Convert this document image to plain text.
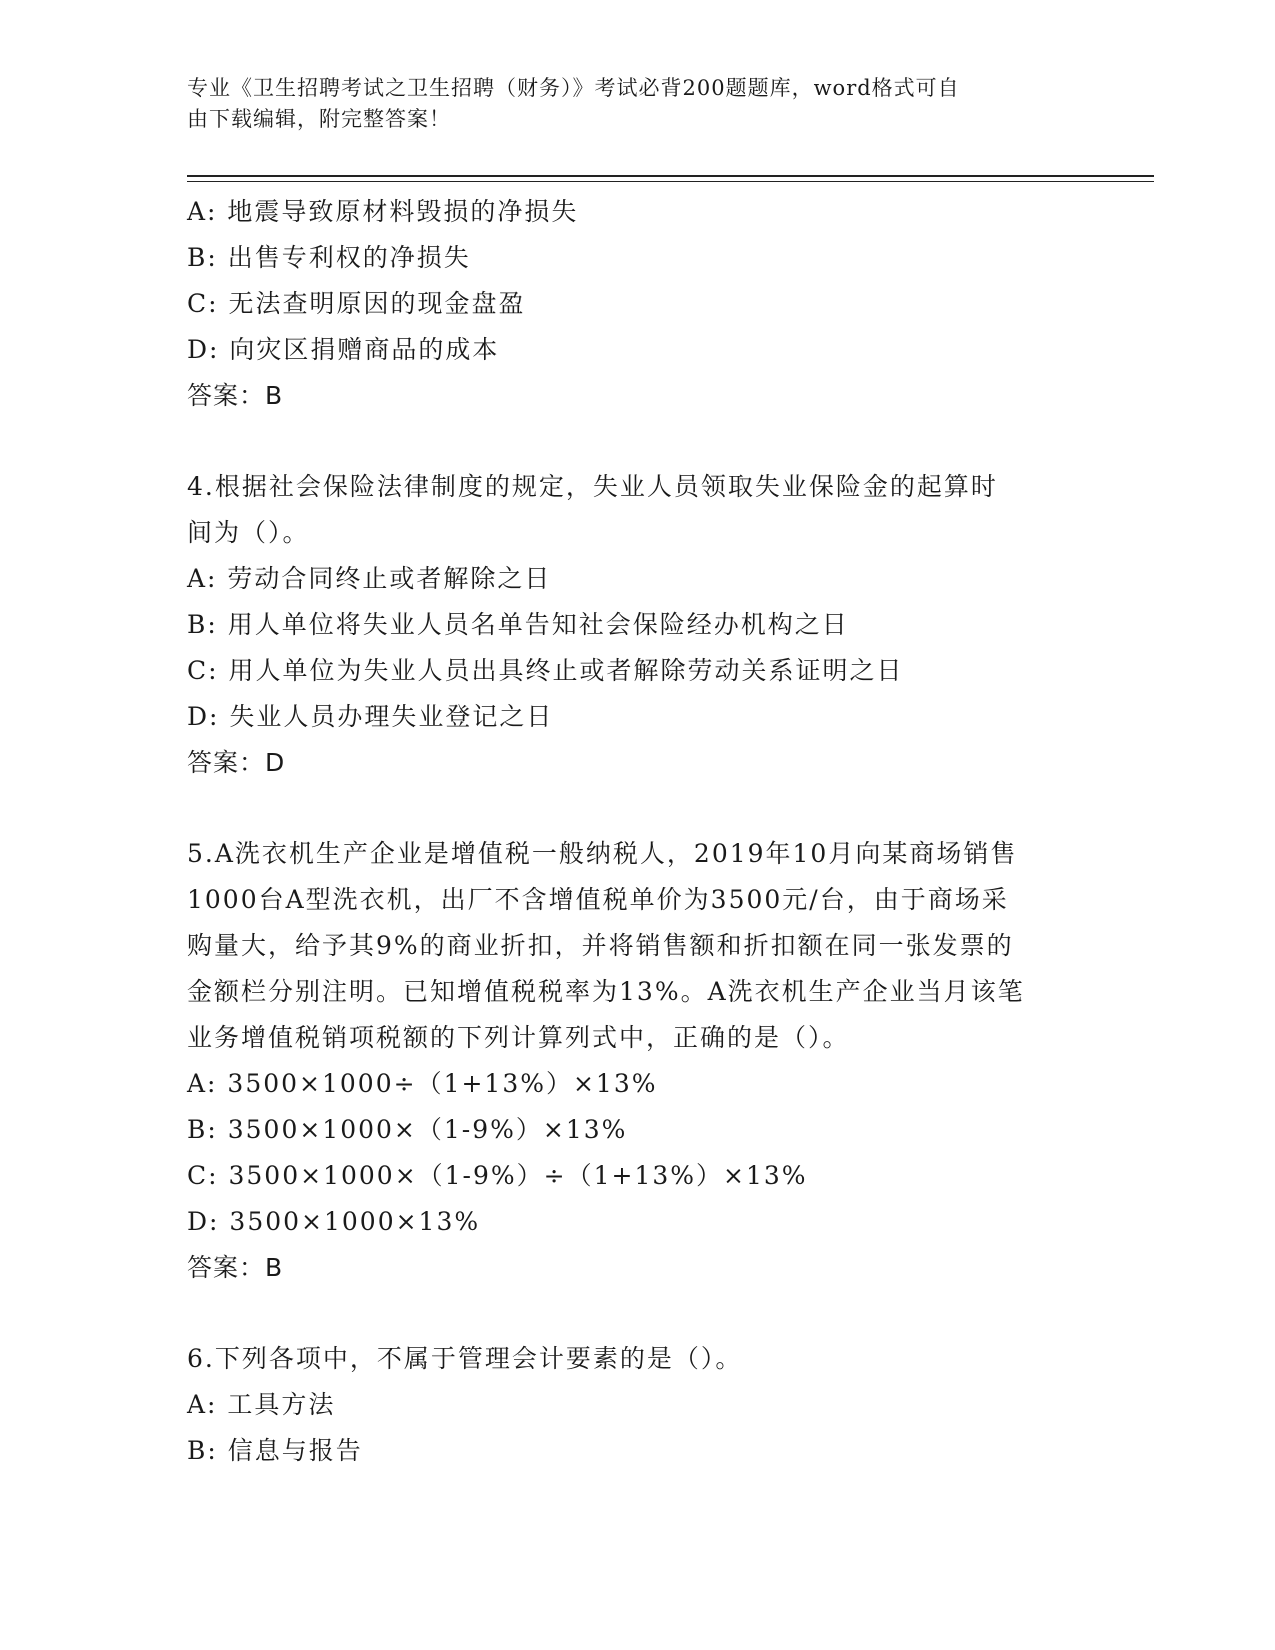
专业《卫生招聘考试之卫生招聘（财务）》考试必背200题题库，word格式可自
由下载编辑，附完整答案！
A: 地震导致原材料毁损的净损失
B: 出售专利权的净损失
C: 无法查明原因的现金盘盈
D: 向灾区捐赠商品的成本
答案：B
4.根据社会保险法律制度的规定，失业人员领取失业保险金的起算时
间为（）。
A: 劳动合同终止或者解除之日
B: 用人单位将失业人员名单告知社会保险经办机构之日
C: 用人单位为失业人员出具终止或者解除劳动关系证明之日
D: 失业人员办理失业登记之日
答案：D
5.A洗衣机生产企业是增值税一般纳税人，2019年10月向某商场销售
1000台A型洗衣机，出厂不含增值税单价为3500元/台，由于商场采
购量大，给予其9%的商业折扣，并将销售额和折扣额在同一张发票的
金额栏分别注明。已知增值税税率为13%。A洗衣机生产企业当月该笔
业务增值税销项税额的下列计算列式中，正确的是（）。
A: 3500×1000÷（1+13%）×13%
B: 3500×1000×（1-9%）×13%
C: 3500×1000×（1-9%）÷（1+13%）×13%
D: 3500×1000×13%
答案：B
6.下列各项中，不属于管理会计要素的是（）。
A: 工具方法
B: 信息与报告
